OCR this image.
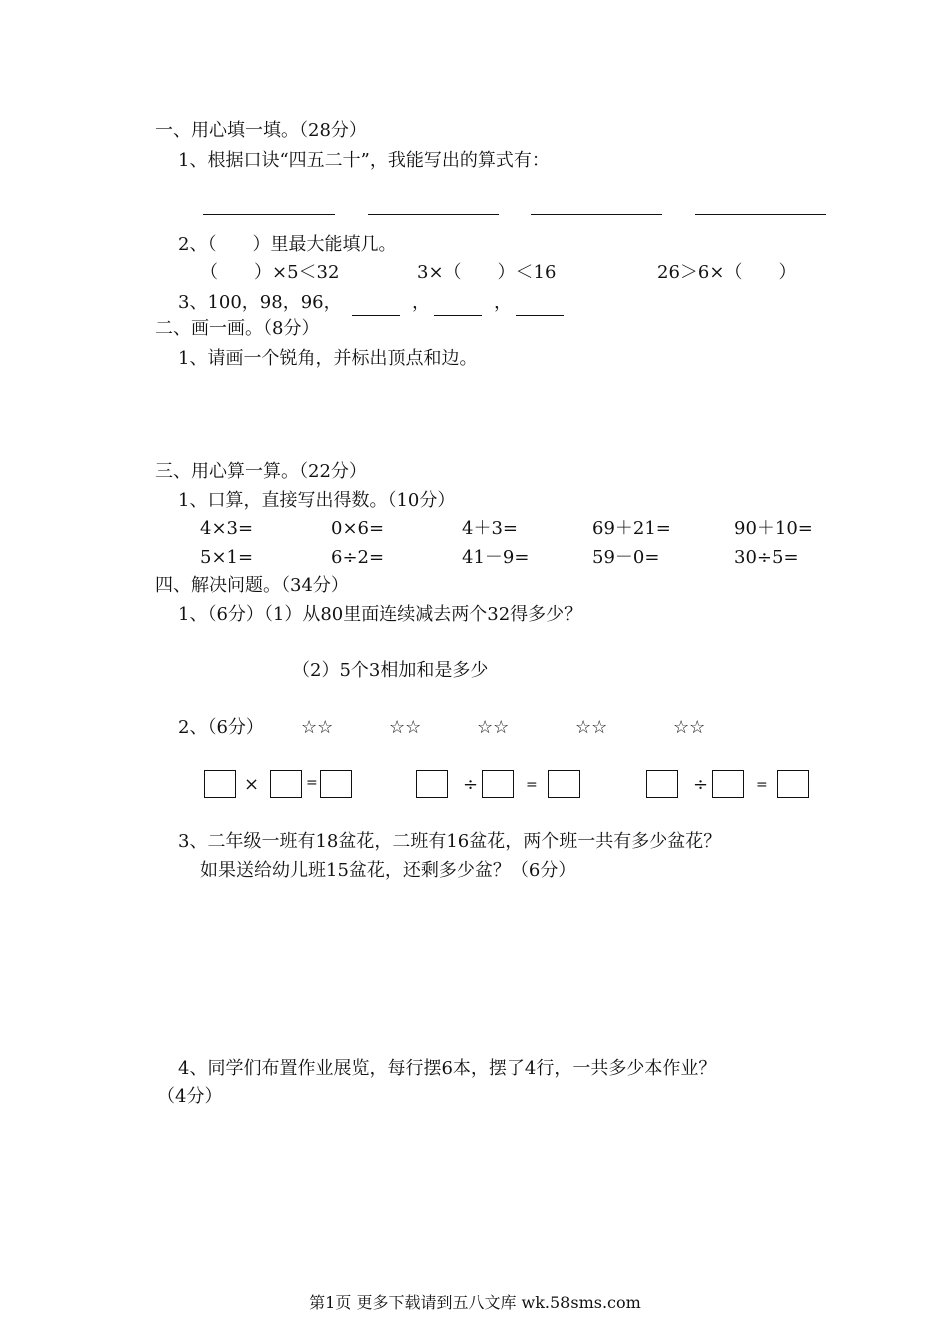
一、用心填一填。（28分）
1、根据口诀“四五二十”，我能写出的算式有：
2、（　　）里最大能填几。
（　　）×5＜32	3×（　　）＜16	26＞6×（　　）
3、100，98，96，	，	，
二、画一画。（8分）
1、请画一个锐角，并标出顶点和边。
三、用心算一算。（22分）
1、口算，直接写出得数。（10分）
4×3=	0×6=	4＋3=	69＋21=	90＋10=
5×1=	6÷2=	41－9=	59－0=	30÷5=
四、解决问题。（34分）
1、（6分）（1）从80里面连续减去两个32得多少？
（2）5个3相加和是多少
2、（6分） ☆☆	☆☆	☆☆	☆☆	☆☆
×	=	÷	=	÷	=
3、二年级一班有18盆花，二班有16盆花，两个班一共有多少盆花？
如果送给幼儿班15盆花，还剩多少盆？（6分）
4、同学们布置作业展览，每行摆6本，摆了4行，一共多少本作业？
（4分）
第1页 更多下载请到五八文库 wk.58sms.com
